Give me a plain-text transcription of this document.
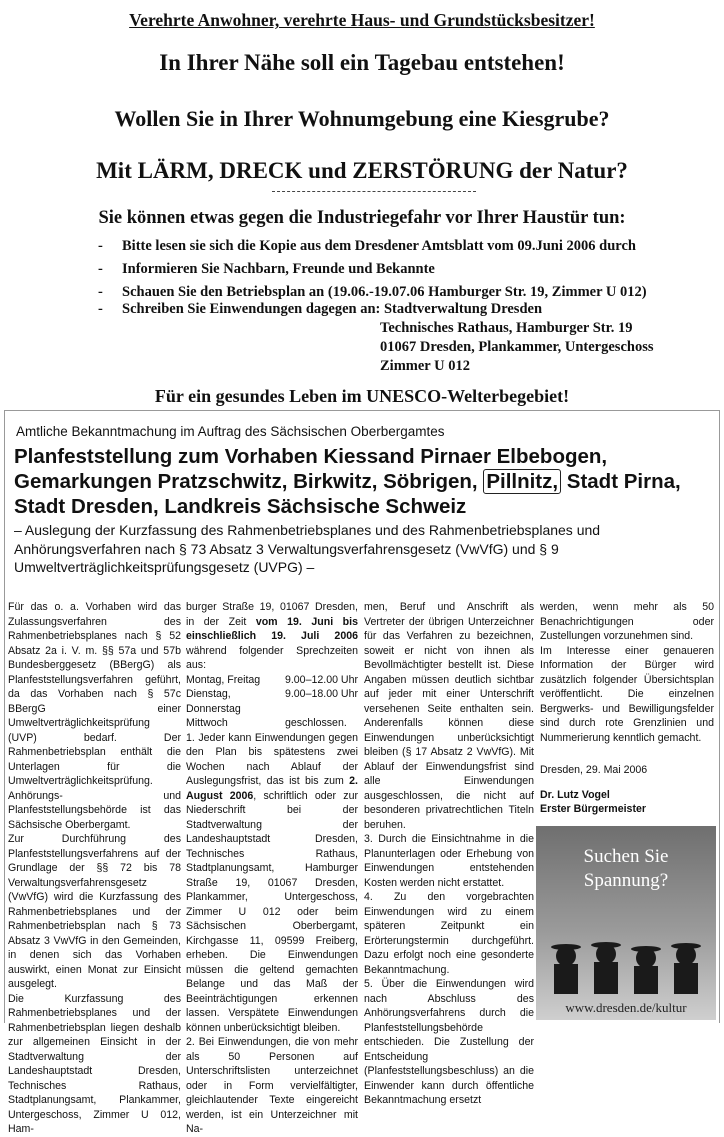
Verehrte Anwohner, verehrte Haus- und Grundstücksbesitzer!
In Ihrer Nähe soll ein Tagebau entstehen!
Wollen Sie in Ihrer Wohnumgebung eine Kiesgrube?
Mit LÄRM, DRECK und ZERSTÖRUNG der Natur?
Sie können etwas gegen die Industriegefahr vor Ihrer Haustür tun:
- Bitte lesen sie sich die Kopie aus dem Dresdener Amtsblatt vom 09.Juni 2006 durch
- Informieren Sie Nachbarn, Freunde und Bekannte
- Schauen Sie den Betriebsplan an (19.06.-19.07.06 Hamburger Str. 19, Zimmer U 012)
- Schreiben Sie Einwendungen dagegen an: Stadtverwaltung Dresden
Technisches Rathaus, Hamburger Str. 19
01067 Dresden, Plankammer, Untergeschoss
Zimmer U 012
Für ein gesundes Leben im UNESCO-Welterbegebiet!
Amtliche Bekanntmachung im Auftrag des Sächsischen Oberbergamtes
Planfeststellung zum Vorhaben Kiessand Pirnaer Elbebogen, Gemarkungen Pratzschwitz, Birkwitz, Söbrigen, Pillnitz, Stadt Pirna, Stadt Dresden, Landkreis Sächsische Schweiz
– Auslegung der Kurzfassung des Rahmenbetriebsplanes und des Rahmenbetriebsplanes und Anhörungsverfahren nach § 73 Absatz 3 Verwaltungsverfahrensgesetz (VwVfG) und § 9 Umweltverträglichkeitsprüfungsgesetz (UVPG) –

Für das o. a. Vorhaben wird das Zulassungsverfahren des Rahmenbetriebsplanes nach § 52 Absatz 2a i. V. m. §§ 57a und 57b Bundesberggesetz (BBergG) als Planfeststellungsverfahren geführt, da das Vorhaben nach § 57c BBergG einer Umweltverträglichkeitsprüfung (UVP) bedarf. Der Rahmenbetriebsplan enthält die Unterlagen für die Umweltverträglichkeitsprüfung. Anhörungs- und Planfeststellungsbehörde ist das Sächsische Oberbergamt.

Zur Durchführung des Planfeststellungsverfahrens auf der Grundlage der §§ 72 bis 78 Verwaltungsverfahrensgesetz (VwVfG) wird die Kurzfassung des Rahmenbetriebsplanes und der Rahmenbetriebsplan nach § 73 Absatz 3 VwVfG in den Gemeinden, in denen sich das Vorhaben auswirkt, einen Monat zur Einsicht ausgelegt.

Die Kurzfassung des Rahmenbetriebsplanes und der Rahmenbetriebsplan liegen deshalb zur allgemeinen Einsicht in der Stadtverwaltung der Landeshauptstadt Dresden, Technisches Rathaus, Stadtplanungsamt, Plankammer, Untergeschoss, Zimmer U 012, Ham-

burger Straße 19, 01067 Dresden, in der Zeit vom 19. Juni bis einschließlich 19. Juli 2006 während folgender Sprechzeiten aus:

Montag, Freitag	9.00–12.00 Uhr
Dienstag, Donnerstag
9.00–18.00 Uhr
Mittwoch	geschlossen.

1. Jeder kann Einwendungen gegen den Plan bis spätestens zwei Wochen nach Ablauf der Auslegungsfrist, das ist bis zum 2. August 2006, schriftlich oder zur Niederschrift bei der Stadtverwaltung der Landeshauptstadt Dresden, Technisches Rathaus, Stadtplanungsamt, Hamburger Straße 19, 01067 Dresden, Plankammer, Untergeschoss, Zimmer U 012 oder beim Sächsischen Oberbergamt, Kirchgasse 11, 09599 Freiberg, erheben. Die Einwendungen müssen die geltend gemachten Belange und das Maß der Beeinträchtigungen erkennen lassen. Verspätete Einwendungen können unberücksichtigt bleiben.

2. Bei Einwendungen, die von mehr als 50 Personen auf Unterschriftslisten unterzeichnet oder in Form vervielfältigter, gleichlautender Texte eingereicht werden, ist ein Unterzeichner mit Na-

men, Beruf und Anschrift als Vertreter der übrigen Unterzeichner für das Verfahren zu bezeichnen, soweit er nicht von ihnen als Bevollmächtigter bestellt ist. Diese Angaben müssen deutlich sichtbar auf jeder mit einer Unterschrift versehenen Seite enthalten sein. Anderenfalls können diese Einwendungen unberücksichtigt bleiben (§ 17 Absatz 2 VwVfG). Mit Ablauf der Einwendungsfrist sind alle Einwendungen ausgeschlossen, die nicht auf besonderen privatrechtlichen Titeln beruhen.

3. Durch die Einsichtnahme in die Planunterlagen oder Erhebung von Einwendungen entstehenden Kosten werden nicht erstattet.

4. Zu den vorgebrachten Einwendungen wird zu einem späteren Zeitpunkt ein Erörterungstermin durchgeführt. Dazu erfolgt noch eine gesonderte Bekanntmachung.

5. Über die Einwendungen wird nach Abschluss des Anhörungsverfahrens durch die Planfeststellungsbehörde entschieden. Die Zustellung der Entscheidung (Planfeststellungsbeschluss) an die Einwender kann durch öffentliche Bekanntmachung ersetzt

werden, wenn mehr als 50 Benachrichtigungen oder Zustellungen vorzunehmen sind.

Im Interesse einer genaueren Information der Bürger wird zusätzlich folgender Übersichtsplan veröffentlicht. Die einzelnen Bergwerks- und Bewilligungsfelder sind durch rote Grenzlinien und Nummerierung kenntlich gemacht.

Dresden, 29. Mai 2006

Dr. Lutz Vogel

Erster Bürgermeister

Suchen Sie
Spannung?
www.dresden.de/kultur
